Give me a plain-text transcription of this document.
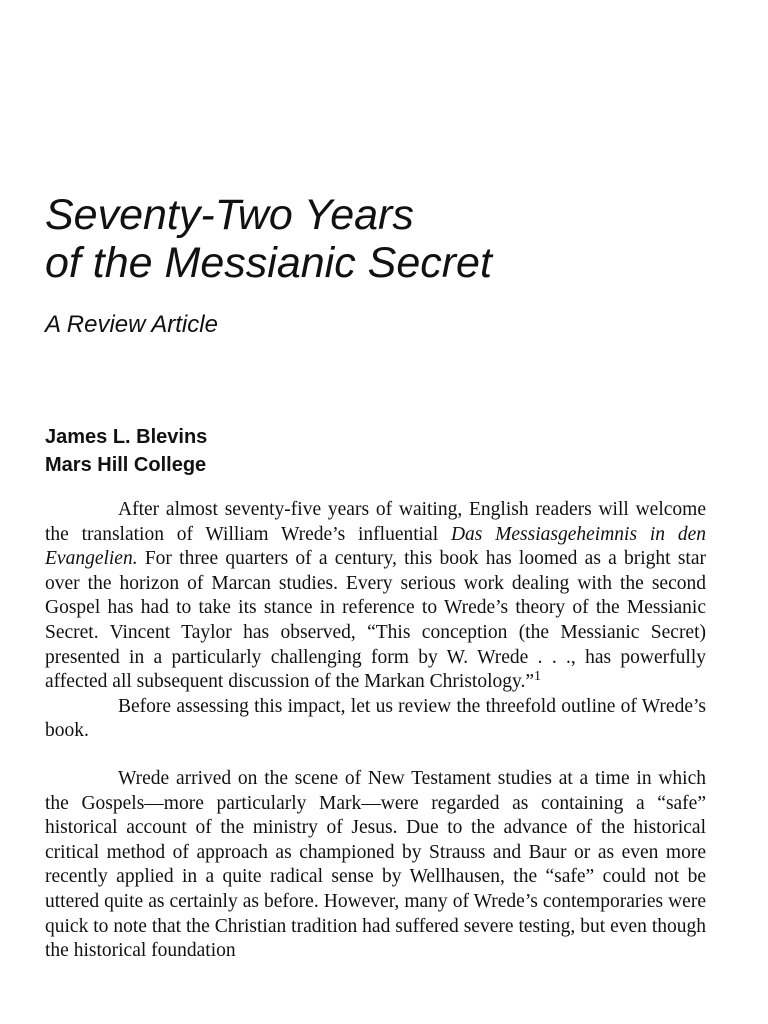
Seventy-Two Years
of the Messianic Secret
A Review Article
James L. Blevins
Mars Hill College

After almost seventy-five years of waiting, English readers will welcome the translation of William Wrede’s influential Das Messiasgeheimnis in den Evangelien. For three quarters of a century, this book has loomed as a bright star over the horizon of Marcan studies. Every serious work dealing with the second Gospel has had to take its stance in reference to Wrede’s theory of the Messianic Secret. Vincent Taylor has observed, “This conception (the Messianic Secret) presented in a particularly challenging form by W. Wrede . . ., has powerfully affected all subsequent discussion of the Markan Christology.”$^1$

Before assessing this impact, let us review the threefold outline of Wrede’s book.

Wrede arrived on the scene of New Testament studies at a time in which the Gospels—more particularly Mark—were regarded as containing a “safe” historical account of the ministry of Jesus. Due to the advance of the historical critical method of approach as championed by Strauss and Baur or as even more recently applied in a quite radical sense by Wellhausen, the “safe” could not be uttered quite as certainly as before. However, many of Wrede’s contemporaries were quick to note that the Christian tradition had suffered severe testing, but even though the historical foundation
